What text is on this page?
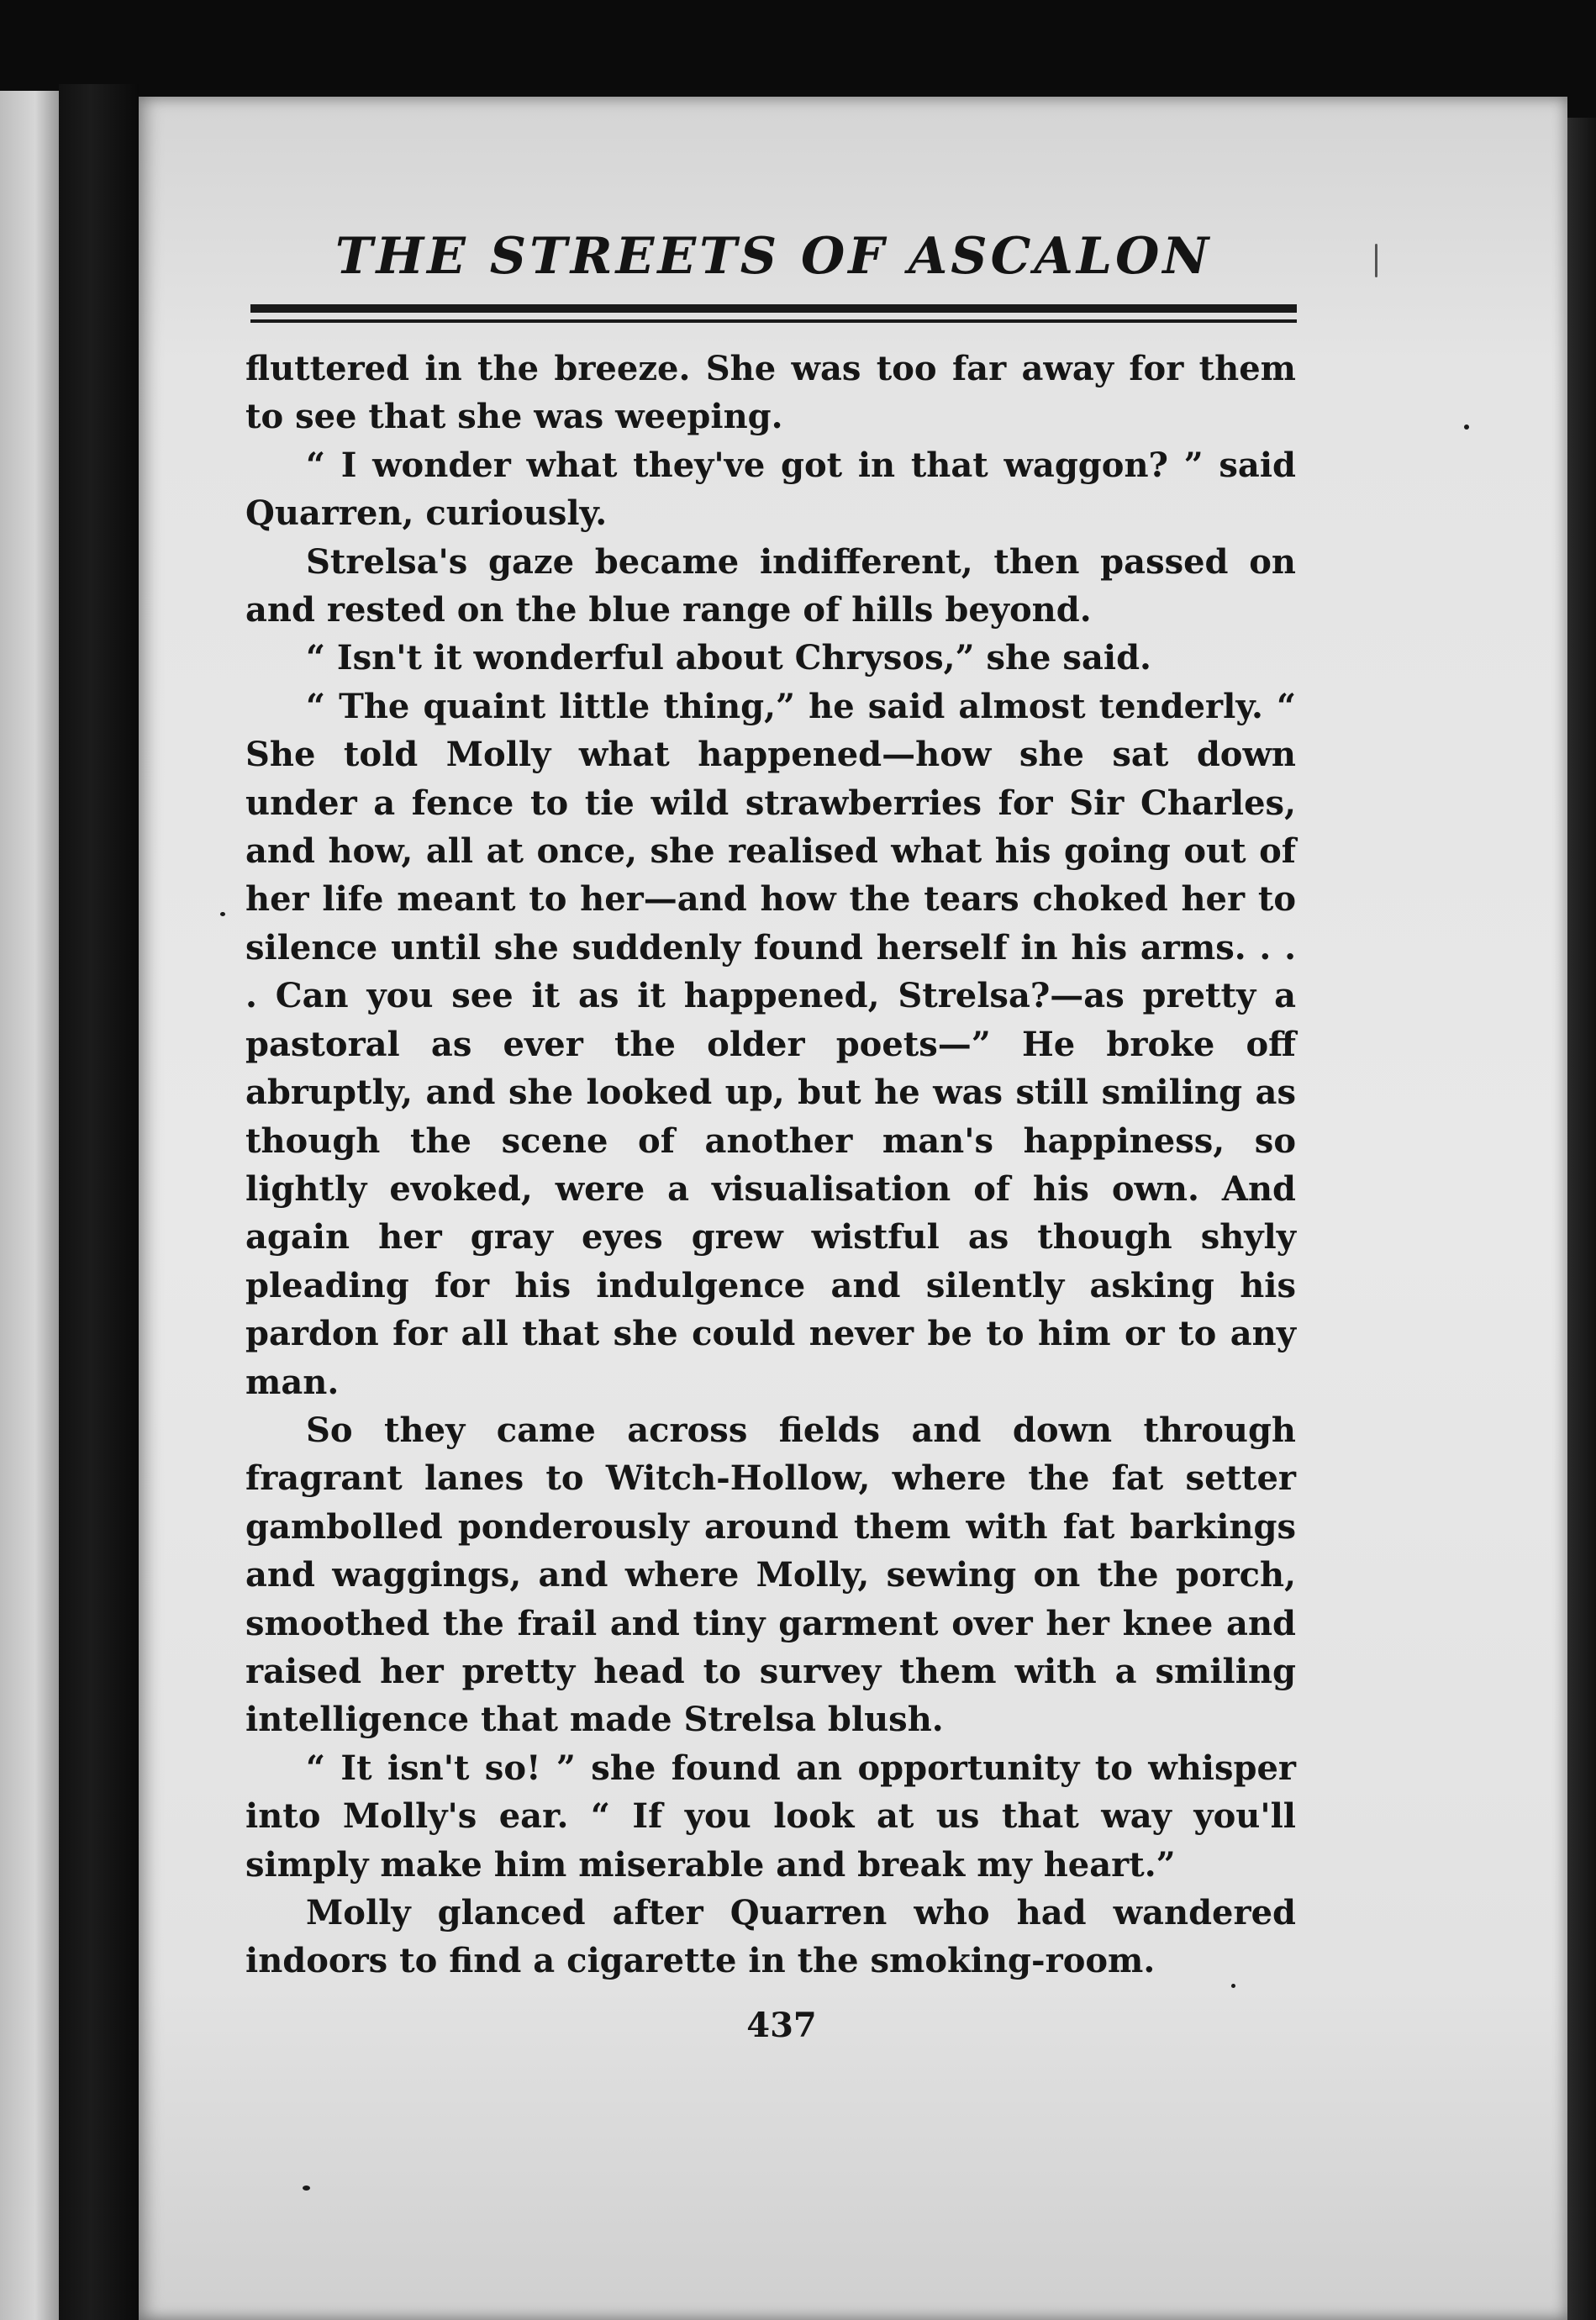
THE STREETS OF ASCALON

fluttered in the breeze. She was too far away for them to see that she was weeping.

“ I wonder what they've got in that waggon? ” said Quarren, curiously.

Strelsa's gaze became indifferent, then passed on and rested on the blue range of hills beyond.

“ Isn't it wonderful about Chrysos,” she said.

“ The quaint little thing,” he said almost tenderly. “ She told Molly what happened—how she sat down under a fence to tie wild strawberries for Sir Charles, and how, all at once, she realised what his going out of her life meant to her—and how the tears choked her to silence until she suddenly found herself in his arms. . . . Can you see it as it happened, Strelsa?—as pretty a pastoral as ever the older poets—” He broke off abruptly, and she looked up, but he was still smiling as though the scene of another man's happiness, so lightly evoked, were a visualisation of his own. And again her gray eyes grew wistful as though shyly pleading for his indulgence and silently asking his pardon for all that she could never be to him or to any man.

So they came across fields and down through fragrant lanes to Witch-Hollow, where the fat setter gambolled ponderously around them with fat barkings and waggings, and where Molly, sewing on the porch, smoothed the frail and tiny garment over her knee and raised her pretty head to survey them with a smiling intelligence that made Strelsa blush.

“ It isn't so! ” she found an opportunity to whisper into Molly's ear. “ If you look at us that way you'll simply make him miserable and break my heart.”

Molly glanced after Quarren who had wandered indoors to find a cigarette in the smoking-room.

437
